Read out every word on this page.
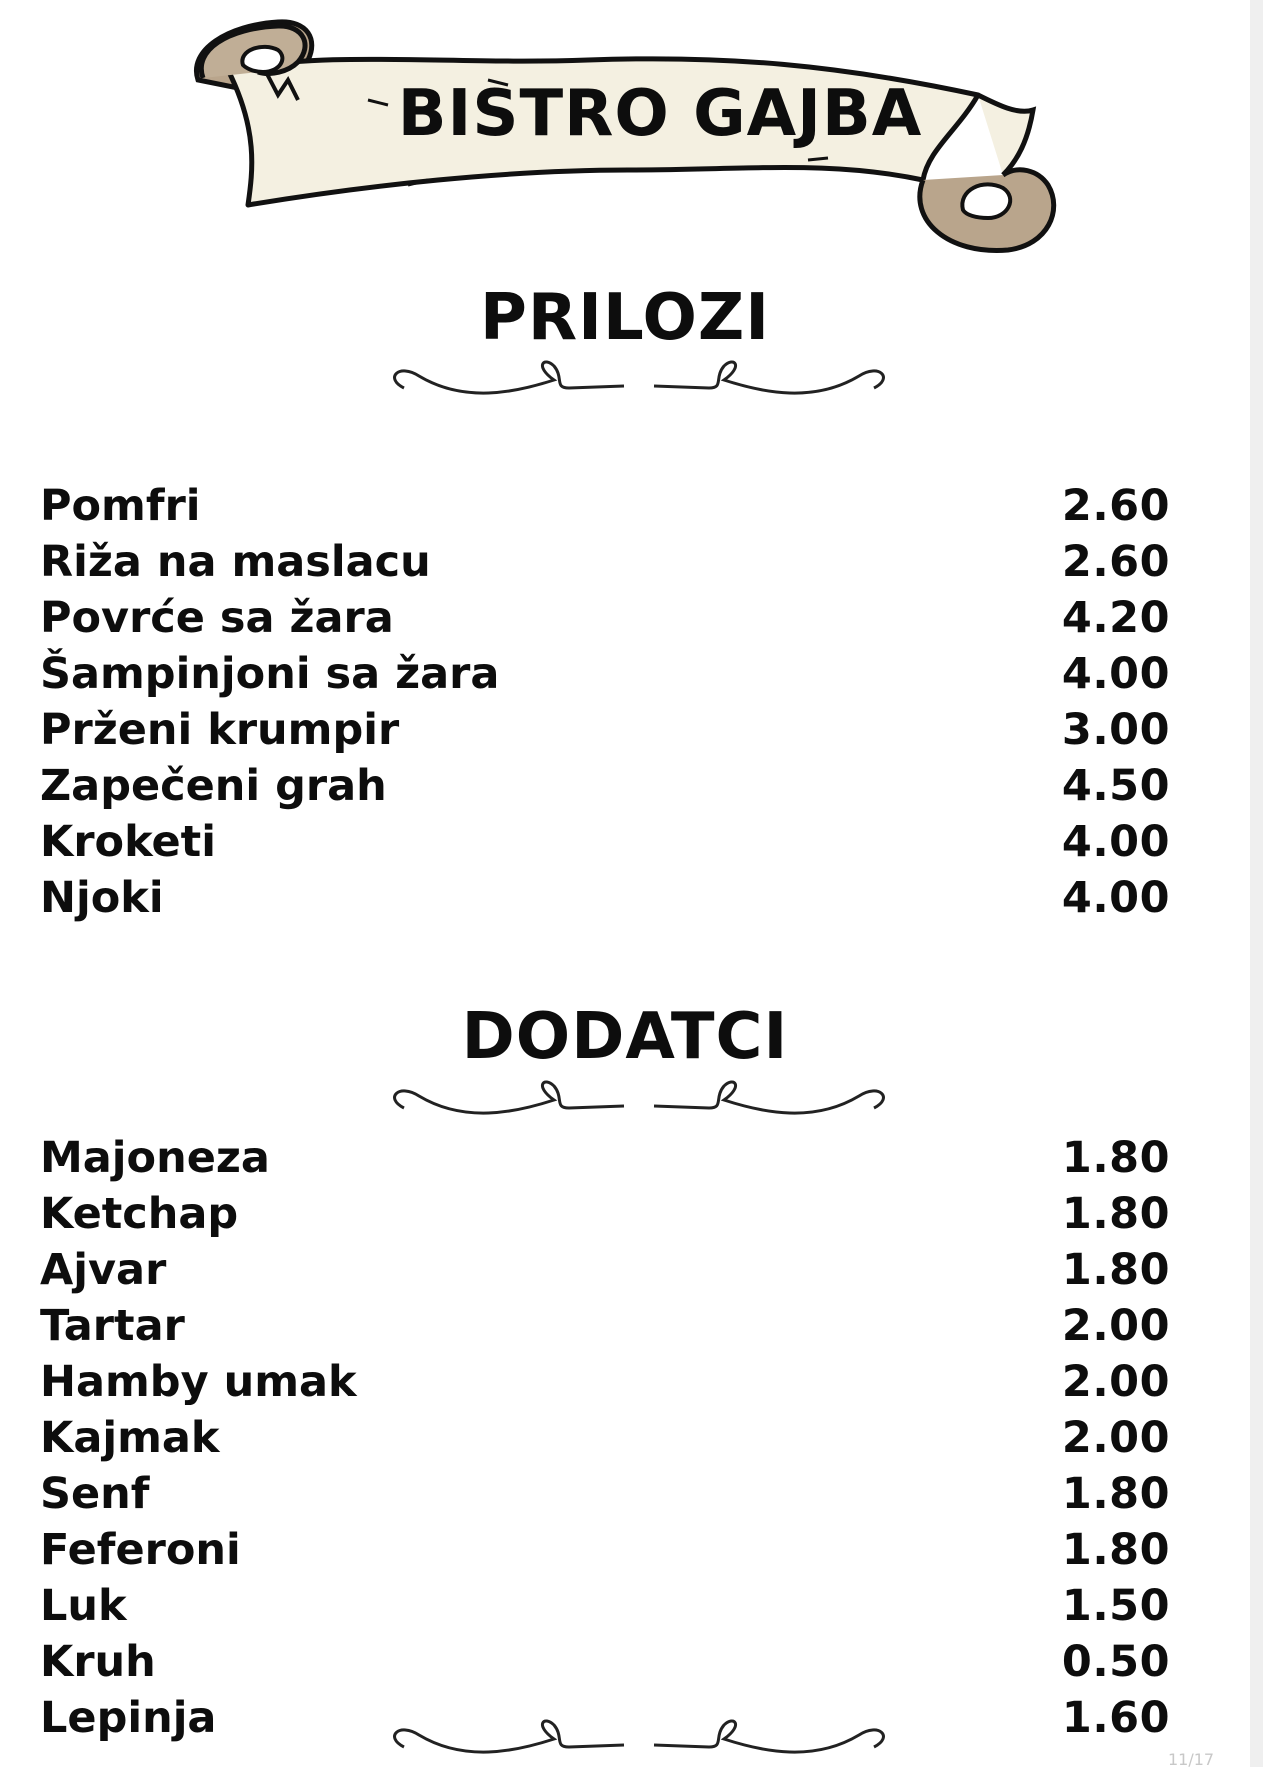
BISTRO GAJBA
PRILOZI
Pomfri	2.60
Riža na maslacu	2.60
Povrće sa žara	4.20
Šampinjoni sa žara	4.00
Prženi krumpir	3.00
Zapečeni grah	4.50
Kroketi	4.00
Njoki	4.00
DODATCI
Majoneza	1.80
Ketchap	1.80
Ajvar	1.80
Tartar	2.00
Hamby umak	2.00
Kajmak	2.00
Senf	1.80
Feferoni	1.80
Luk	1.50
Kruh	0.50
Lepinja	1.60
11/17
